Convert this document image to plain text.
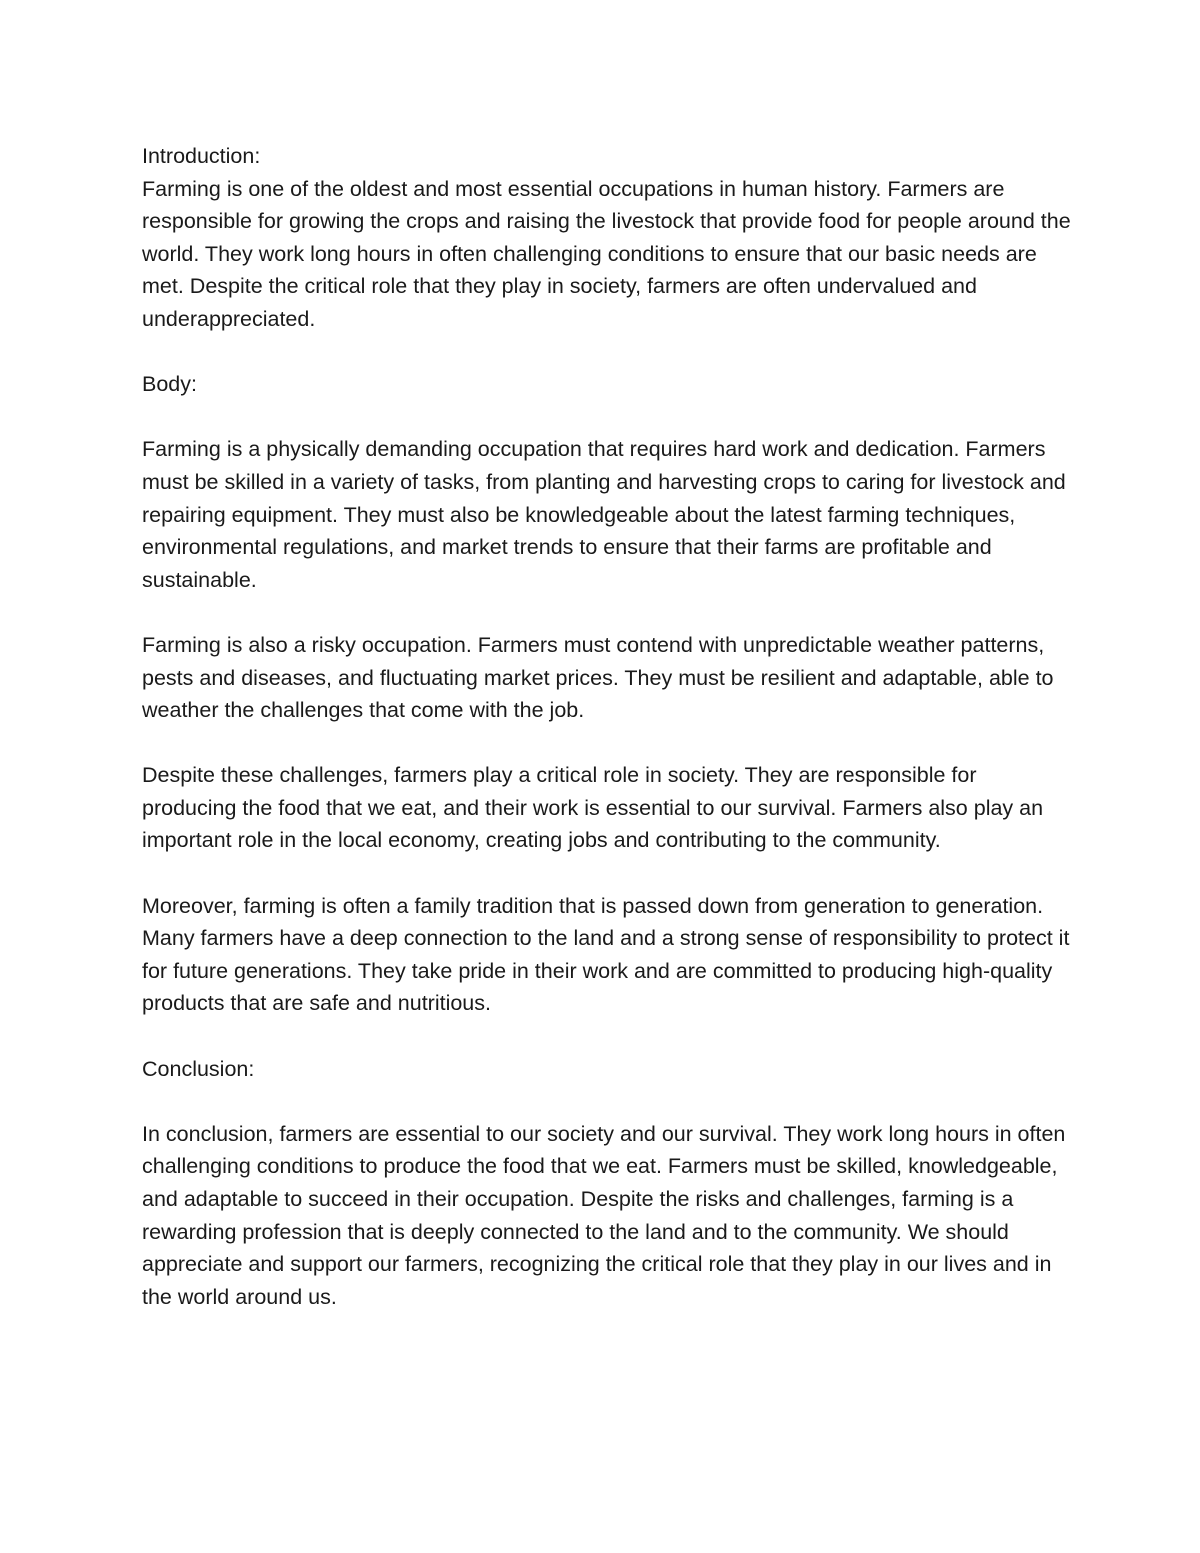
Introduction:

Farming is one of the oldest and most essential occupations in human history. Farmers are responsible for growing the crops and raising the livestock that provide food for people around the world. They work long hours in often challenging conditions to ensure that our basic needs are met. Despite the critical role that they play in society, farmers are often undervalued and underappreciated.

Body:

Farming is a physically demanding occupation that requires hard work and dedication. Farmers must be skilled in a variety of tasks, from planting and harvesting crops to caring for livestock and repairing equipment. They must also be knowledgeable about the latest farming techniques, environmental regulations, and market trends to ensure that their farms are profitable and sustainable.

Farming is also a risky occupation. Farmers must contend with unpredictable weather patterns, pests and diseases, and fluctuating market prices. They must be resilient and adaptable, able to weather the challenges that come with the job.

Despite these challenges, farmers play a critical role in society. They are responsible for producing the food that we eat, and their work is essential to our survival. Farmers also play an important role in the local economy, creating jobs and contributing to the community.

Moreover, farming is often a family tradition that is passed down from generation to generation. Many farmers have a deep connection to the land and a strong sense of responsibility to protect it for future generations. They take pride in their work and are committed to producing high-quality products that are safe and nutritious.

Conclusion:

In conclusion, farmers are essential to our society and our survival. They work long hours in often challenging conditions to produce the food that we eat. Farmers must be skilled, knowledgeable, and adaptable to succeed in their occupation. Despite the risks and challenges, farming is a rewarding profession that is deeply connected to the land and to the community. We should appreciate and support our farmers, recognizing the critical role that they play in our lives and in the world around us.
